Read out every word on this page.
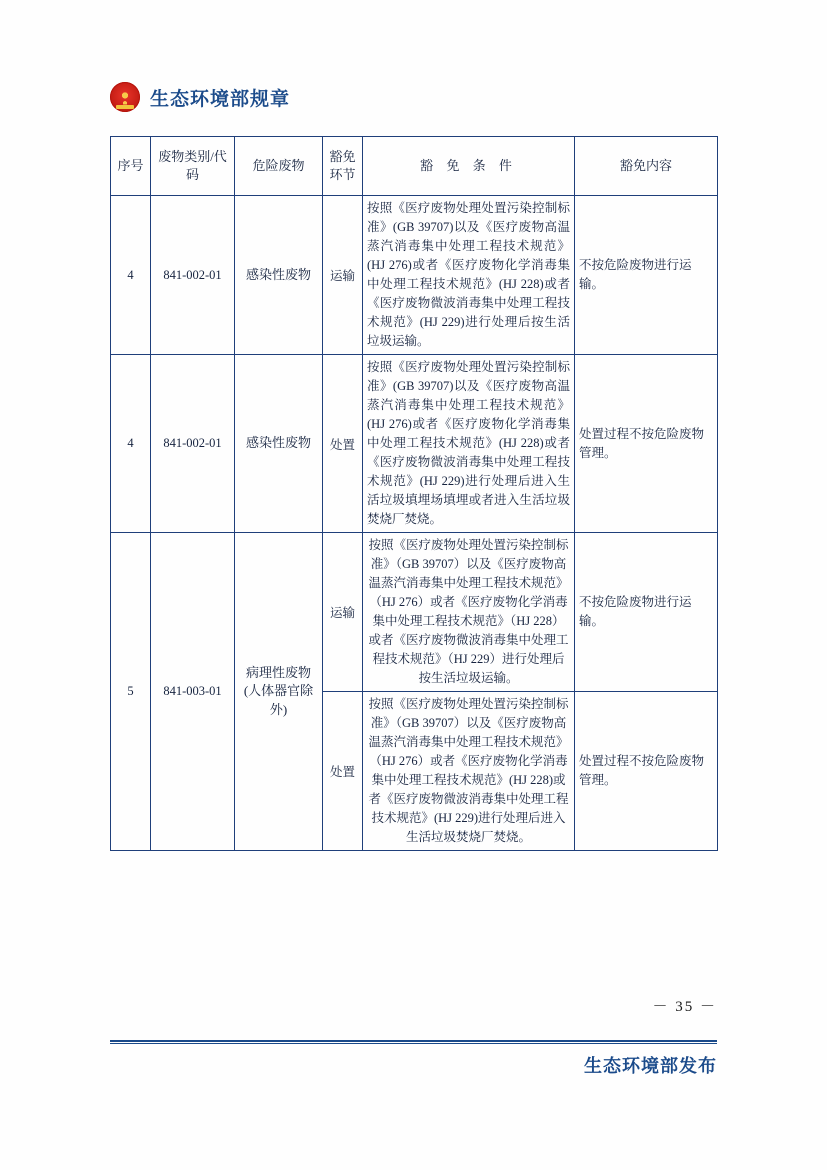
生态环境部规章
序号	废物类别/代码	危险废物	豁免环节	豁 免 条 件	豁免内容
4	841-002-01	感染性废物	运输	按照《医疗废物处理处置污染控制标准》(GB 39707)以及《医疗废物高温蒸汽消毒集中处理工程技术规范》(HJ 276)或者《医疗废物化学消毒集中处理工程技术规范》(HJ 228)或者《医疗废物微波消毒集中处理工程技术规范》(HJ 229)进行处理后按生活垃圾运输。	不按危险废物进行运输。
4	841-002-01	感染性废物	处置	按照《医疗废物处理处置污染控制标准》(GB 39707)以及《医疗废物高温蒸汽消毒集中处理工程技术规范》(HJ 276)或者《医疗废物化学消毒集中处理工程技术规范》(HJ 228)或者《医疗废物微波消毒集中处理工程技术规范》(HJ 229)进行处理后进入生活垃圾填埋场填埋或者进入生活垃圾焚烧厂焚烧。	处置过程不按危险废物管理。
5	841-003-01	病理性废物(人体器官除外)	运输	按照《医疗废物处理处置污染控制标准》（GB 39707）以及《医疗废物高温蒸汽消毒集中处理工程技术规范》（HJ 276）或者《医疗废物化学消毒集中处理工程技术规范》（HJ 228）或者《医疗废物微波消毒集中处理工程技术规范》（HJ 229）进行处理后按生活垃圾运输。	不按危险废物进行运输。
			处置	按照《医疗废物处理处置污染控制标准》（GB 39707）以及《医疗废物高温蒸汽消毒集中处理工程技术规范》（HJ 276）或者《医疗废物化学消毒集中处理工程技术规范》(HJ 228)或者《医疗废物微波消毒集中处理工程技术规范》(HJ 229)进行处理后进入生活垃圾焚烧厂焚烧。	处置过程不按危险废物管理。
－ 35 －
生态环境部发布
